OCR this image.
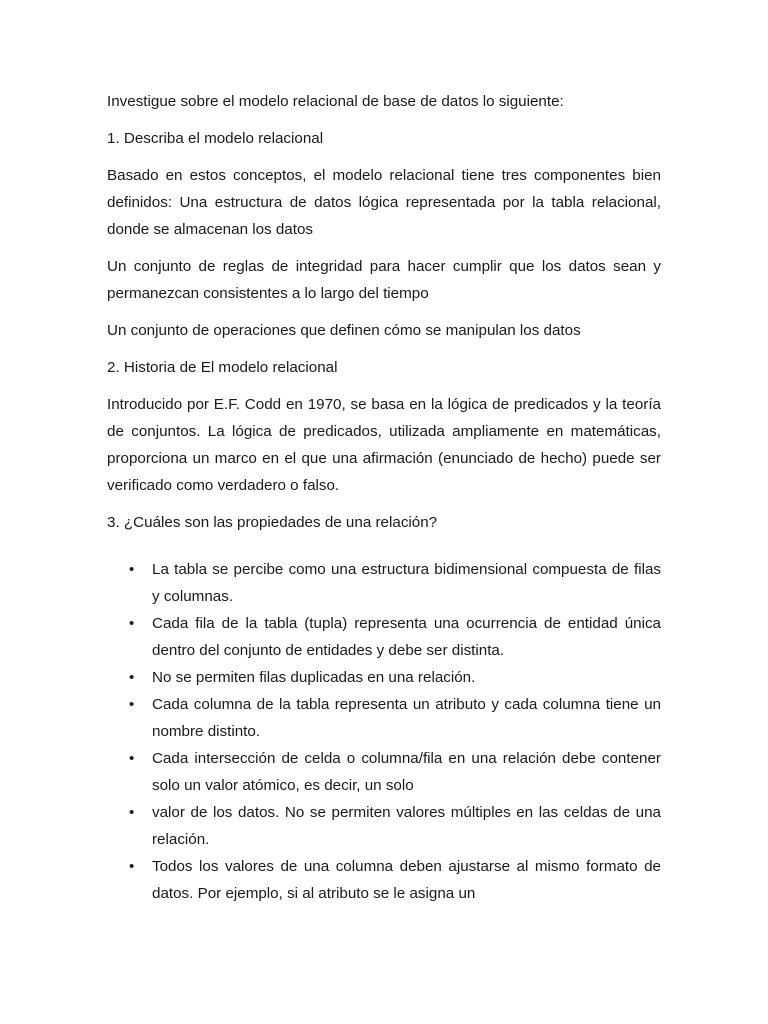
Investigue sobre el modelo relacional de base de datos lo siguiente:

1. Describa el modelo relacional

Basado en estos conceptos, el modelo relacional tiene tres componentes bien definidos: Una estructura de datos lógica representada por la tabla relacional, donde se almacenan los datos

Un conjunto de reglas de integridad para hacer cumplir que los datos sean y permanezcan consistentes a lo largo del tiempo

Un conjunto de operaciones que definen cómo se manipulan los datos

2. Historia de El modelo relacional

Introducido por E.F. Codd en 1970, se basa en la lógica de predicados y la teoría de conjuntos. La lógica de predicados, utilizada ampliamente en matemáticas, proporciona un marco en el que una afirmación (enunciado de hecho) puede ser verificado como verdadero o falso.

3. ¿Cuáles son las propiedades de una relación?

• La tabla se percibe como una estructura bidimensional compuesta de filas y columnas.
• Cada fila de la tabla (tupla) representa una ocurrencia de entidad única dentro del conjunto de entidades y debe ser distinta.
• No se permiten filas duplicadas en una relación.
• Cada columna de la tabla representa un atributo y cada columna tiene un nombre distinto.
• Cada intersección de celda o columna/fila en una relación debe contener solo un valor atómico, es decir, un solo
• valor de los datos. No se permiten valores múltiples en las celdas de una relación.
• Todos los valores de una columna deben ajustarse al mismo formato de datos. Por ejemplo, si al atributo se le asigna un
